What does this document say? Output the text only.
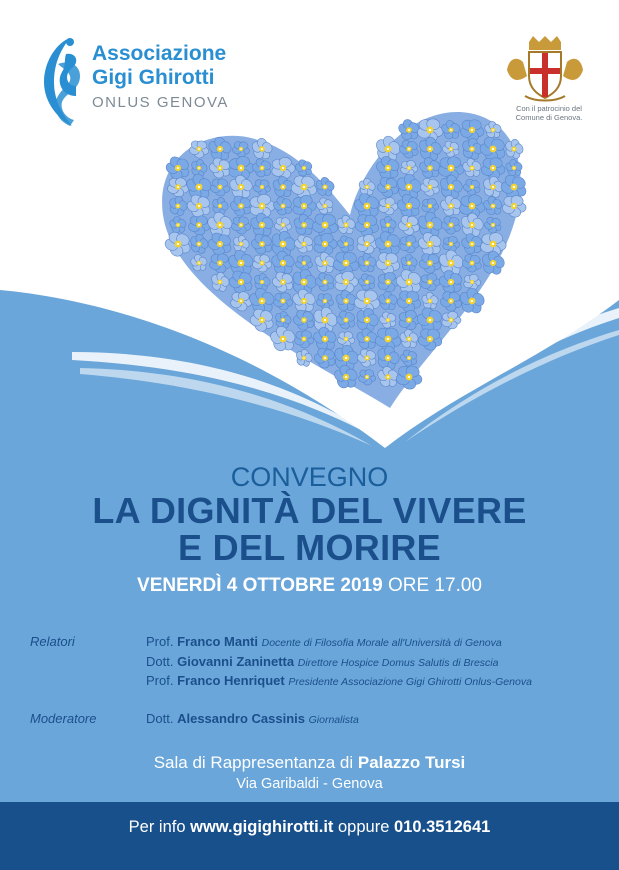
Associazione
Gigi Ghirotti
ONLUS GENOVA	Con il patrocinio del
Comune di Genova.
CONVEGNO
LA DIGNITÀ DEL VIVERE
E DEL MORIRE
VENERDÌ 4 OTTOBRE 2019 ORE 17.00
Relatori	Prof. Franco Manti Docente di Filosofia Morale all'Università di Genova
Dott. Giovanni Zaninetta Direttore Hospice Domus Salutis di Brescia
Prof. Franco Henriquet Presidente Associazione Gigi Ghirotti Onlus-Genova
Moderatore	Dott. Alessandro Cassinis Giornalista
Sala di Rappresentanza di Palazzo Tursi
Via Garibaldi - Genova
Per info www.gigighirotti.it oppure 010.3512641
